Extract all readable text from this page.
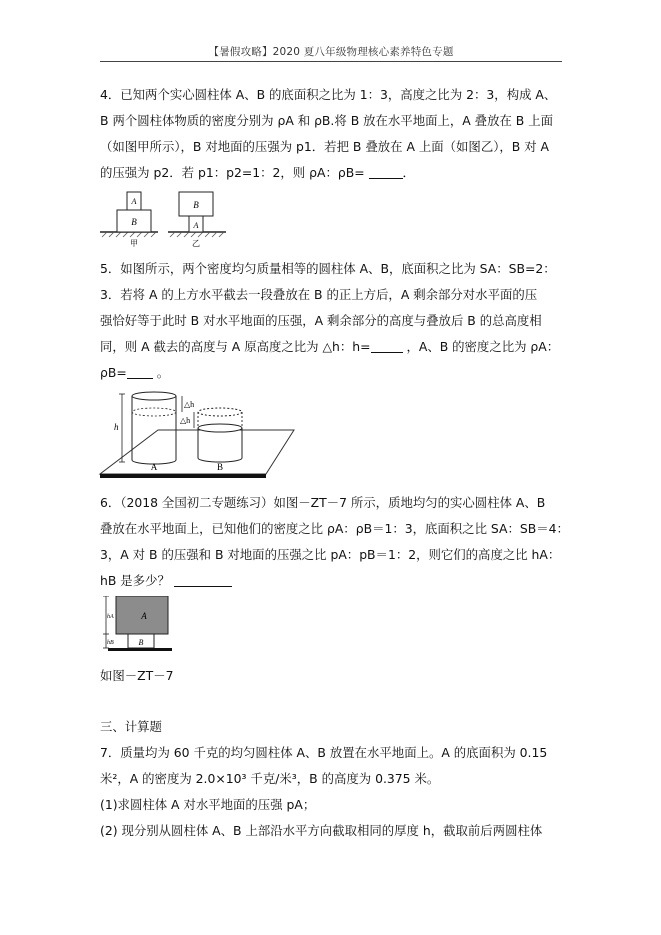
【暑假攻略】2020 夏八年级物理核心素养特色专题
4．已知两个实心圆柱体 A、B 的底面积之比为 1：3，高度之比为 2：3，构成 A、
B 两个圆柱体物质的密度分别为 ρA 和 ρB.将 B 放在水平地面上，A 叠放在 B 上面
（如图甲所示），B 对地面的压强为 p1．若把 B 叠放在 A 上面（如图乙），B 对 A
的压强为 p2．若 p1：p2=1：2，则 ρA：ρB=	．
A
B
甲
B
A
乙
5．如图所示，两个密度均匀质量相等的圆柱体 A、B，底面积之比为 SA：SB=2：
3．若将 A 的上方水平截去一段叠放在 B 的正上方后，A 剩余部分对水平面的压
强恰好等于此时 B 对水平地面的压强，A 剩余部分的高度与叠放后 B 的总高度相
同，则 A 截去的高度与 A 原高度之比为 △h：h=	，A、B 的密度之比为 ρA：
ρB= 。
h
△h
△h
A	B
6．（2018 全国初二专题练习）如图－ZT－7 所示，质地均匀的实心圆柱体 A、B
叠放在水平地面上，已知他们的密度之比 ρA：ρB＝1：3，底面积之比 SA：SB＝4：
3，A 对 B 的压强和 B 对地面的压强之比 pA：pB＝1：2，则它们的高度之比 hA：
hB 是多少？
A
B
hA
hB
如图－ZT－7
三、计算题
7．质量均为 60 千克的均匀圆柱体 A、B 放置在水平地面上。A 的底面积为 0.15
米²，A 的密度为 2.0×10³ 千克/米³，B 的高度为 0.375 米。
(1)求圆柱体 A 对水平地面的压强 pA；
(2) 现分别从圆柱体 A、B 上部沿水平方向截取相同的厚度 h，截取前后两圆柱体
